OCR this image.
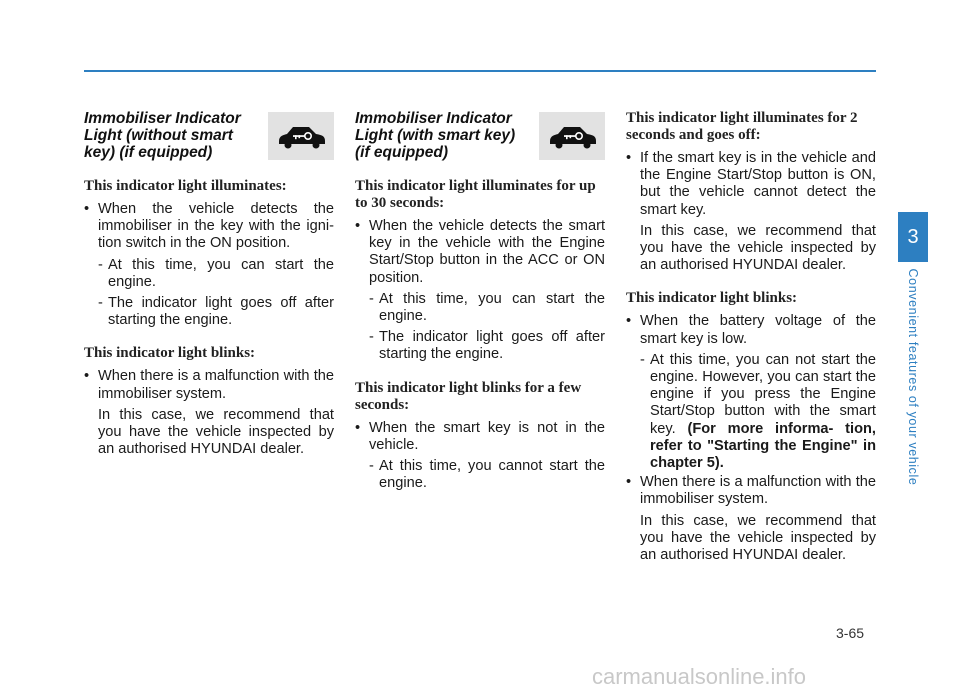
Immobiliser Indicator Light (without smart key) (if equipped)
This indicator light illuminates:
• When the vehicle detects the immobiliser in the key with the igni- tion switch in the ON position.
- At this time, you can start the engine.
- The indicator light goes off after starting the engine.
This indicator light blinks:
• When there is a malfunction with the immobiliser system.
In this case, we recommend that you have the vehicle inspected by an authorised HYUNDAI dealer.
Immobiliser Indicator Light (with smart key) (if equipped)
This indicator light illuminates for up to 30 seconds:
• When the vehicle detects the smart key in the vehicle with the Engine Start/Stop button in the ACC or ON position.
- At this time, you can start the engine.
- The indicator light goes off after starting the engine.
This indicator light blinks for a few seconds:
• When the smart key is not in the vehicle.
- At this time, you cannot start the engine.
This indicator light illuminates for 2 seconds and goes off:
• If the smart key is in the vehicle and the Engine Start/Stop button is ON, but the vehicle cannot detect the smart key.
In this case, we recommend that you have the vehicle inspected by an authorised HYUNDAI dealer.
This indicator light blinks:
• When the battery voltage of the smart key is low.
- At this time, you can not start the engine. However, you can start the engine if you press the Engine Start/Stop button with the smart key. (For more informa- tion, refer to "Starting the Engine" in chapter 5).
• When there is a malfunction with the immobiliser system.
In this case, we recommend that you have the vehicle inspected by an authorised HYUNDAI dealer.
3
Convenient features of your vehicle
3-65
carmanualsonline.info
